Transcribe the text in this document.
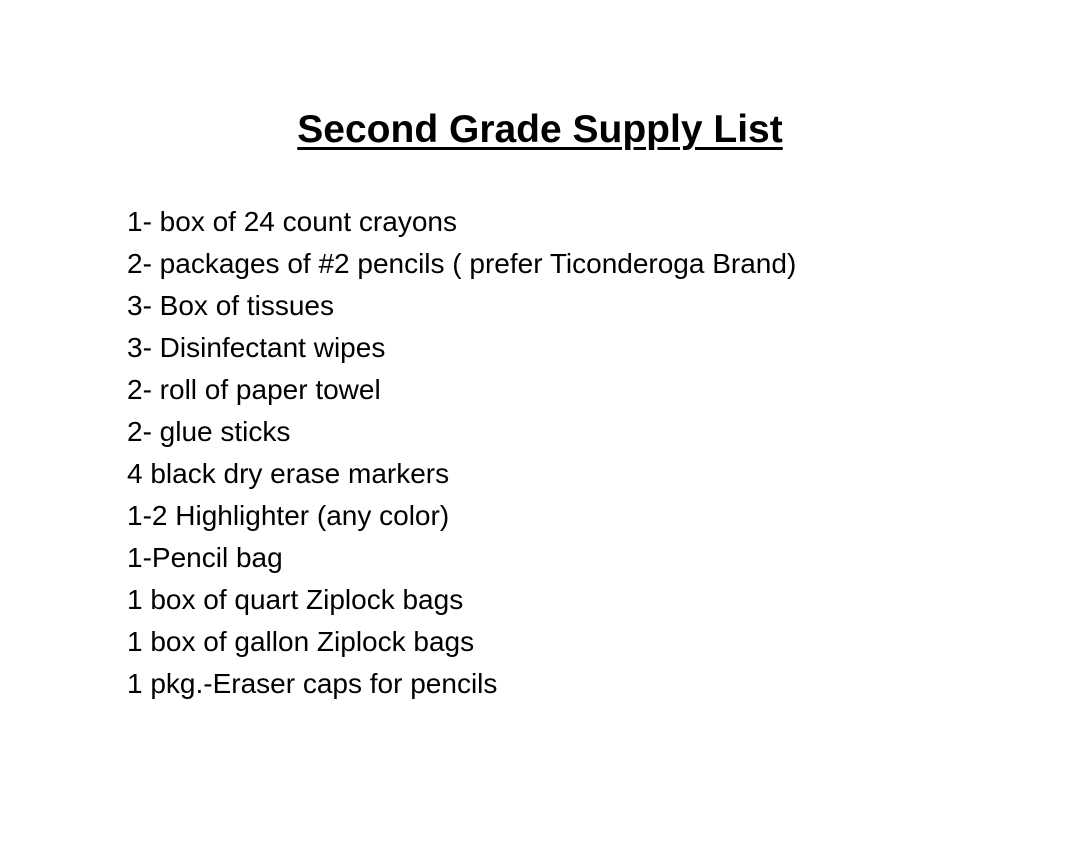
Second Grade Supply List
1- box of 24 count crayons
2- packages of #2 pencils ( prefer Ticonderoga Brand)
3- Box of tissues
3- Disinfectant wipes
2- roll of paper towel
2- glue sticks
4 black dry erase markers
1-2 Highlighter (any color)
1-Pencil bag
1 box of quart Ziplock bags
1 box of gallon Ziplock bags
1 pkg.-Eraser caps for pencils
